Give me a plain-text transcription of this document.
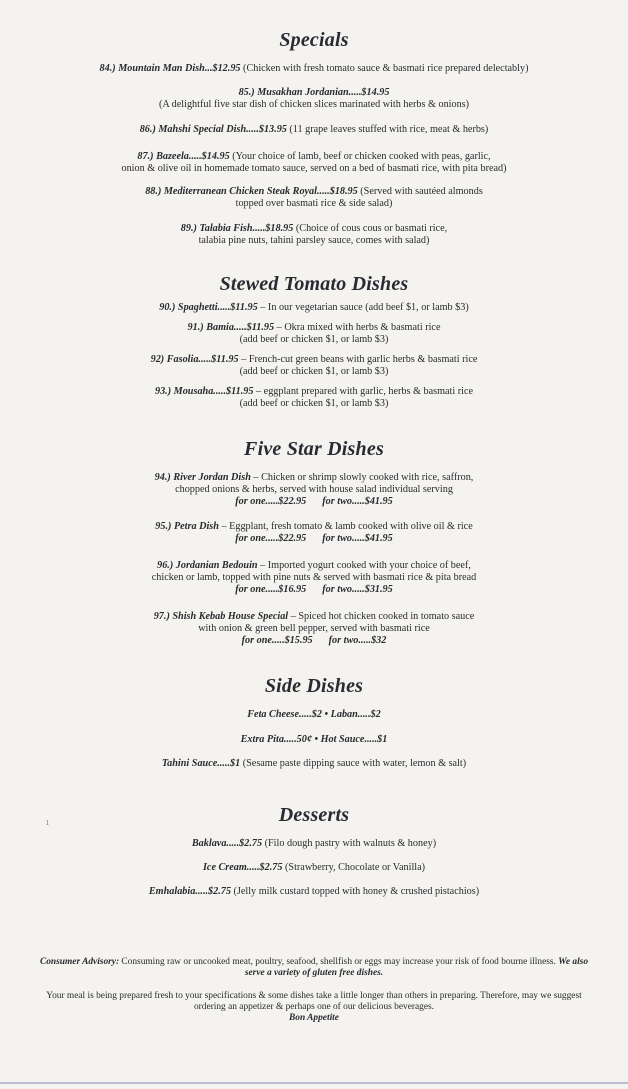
Specials
84.) Mountain Man Dish...$12.95 (Chicken with fresh tomato sauce & basmati rice prepared delectably)
85.) Musakhan Jordanian.....$14.95
(A delightful five star dish of chicken slices marinated with herbs & onions)
86.) Mahshi Special Dish.....$13.95 (11 grape leaves stuffed with rice, meat & herbs)
87.) Bazeela.....$14.95 (Your choice of lamb, beef or chicken cooked with peas, garlic,
onion & olive oil in homemade tomato sauce, served on a bed of basmati rice, with pita bread)
88.) Mediterranean Chicken Steak Royal.....$18.95 (Served with sautéed almonds
topped over basmati rice & side salad)
89.) Talabia Fish.....$18.95 (Choice of cous cous or basmati rice,
talabia pine nuts, tahini parsley sauce, comes with salad)
Stewed Tomato Dishes
90.) Spaghetti.....$11.95 – In our vegetarian sauce (add beef $1, or lamb $3)
91.) Bamia.....$11.95 – Okra mixed with herbs & basmati rice
(add beef or chicken $1, or lamb $3)
92) Fasolia.....$11.95 – French-cut green beans with garlic herbs & basmati rice
(add beef or chicken $1, or lamb $3)
93.) Mousaha.....$11.95 – eggplant prepared with garlic, herbs & basmati rice
(add beef or chicken $1, or lamb $3)
Five Star Dishes
94.) River Jordan Dish – Chicken or shrimp slowly cooked with rice, saffron,
chopped onions & herbs, served with house salad individual serving
for one.....$22.95 for two.....$41.95
95.) Petra Dish – Eggplant, fresh tomato & lamb cooked with olive oil & rice
for one.....$22.95 for two.....$41.95
96.) Jordanian Bedouin – Imported yogurt cooked with your choice of beef,
chicken or lamb, topped with pine nuts & served with basmati rice & pita bread
for one.....$16.95 for two.....$31.95
97.) Shish Kebab House Special – Spiced hot chicken cooked in tomato sauce
with onion & green bell pepper, served with basmati rice
for one.....$15.95 for two.....$32
Side Dishes
Feta Cheese.....$2 • Laban.....$2
Extra Pita.....50¢ • Hot Sauce.....$1
Tahini Sauce.....$1 (Sesame paste dipping sauce with water, lemon & salt)
Desserts
Baklava.....$2.75 (Filo dough pastry with walnuts & honey)
Ice Cream.....$2.75 (Strawberry, Chocolate or Vanilla)
Emhalabia.....$2.75 (Jelly milk custard topped with honey & crushed pistachios)
Consumer Advisory: Consuming raw or uncooked meat, poultry, seafood, shellfish or eggs may increase your risk of food bourne illness. We also serve a variety of gluten free dishes.
Your meal is being prepared fresh to your specifications & some dishes take a little longer than others in preparing. Therefore, may we suggest ordering an appetizer & perhaps one of our delicious beverages.
Bon Appetite
ı
